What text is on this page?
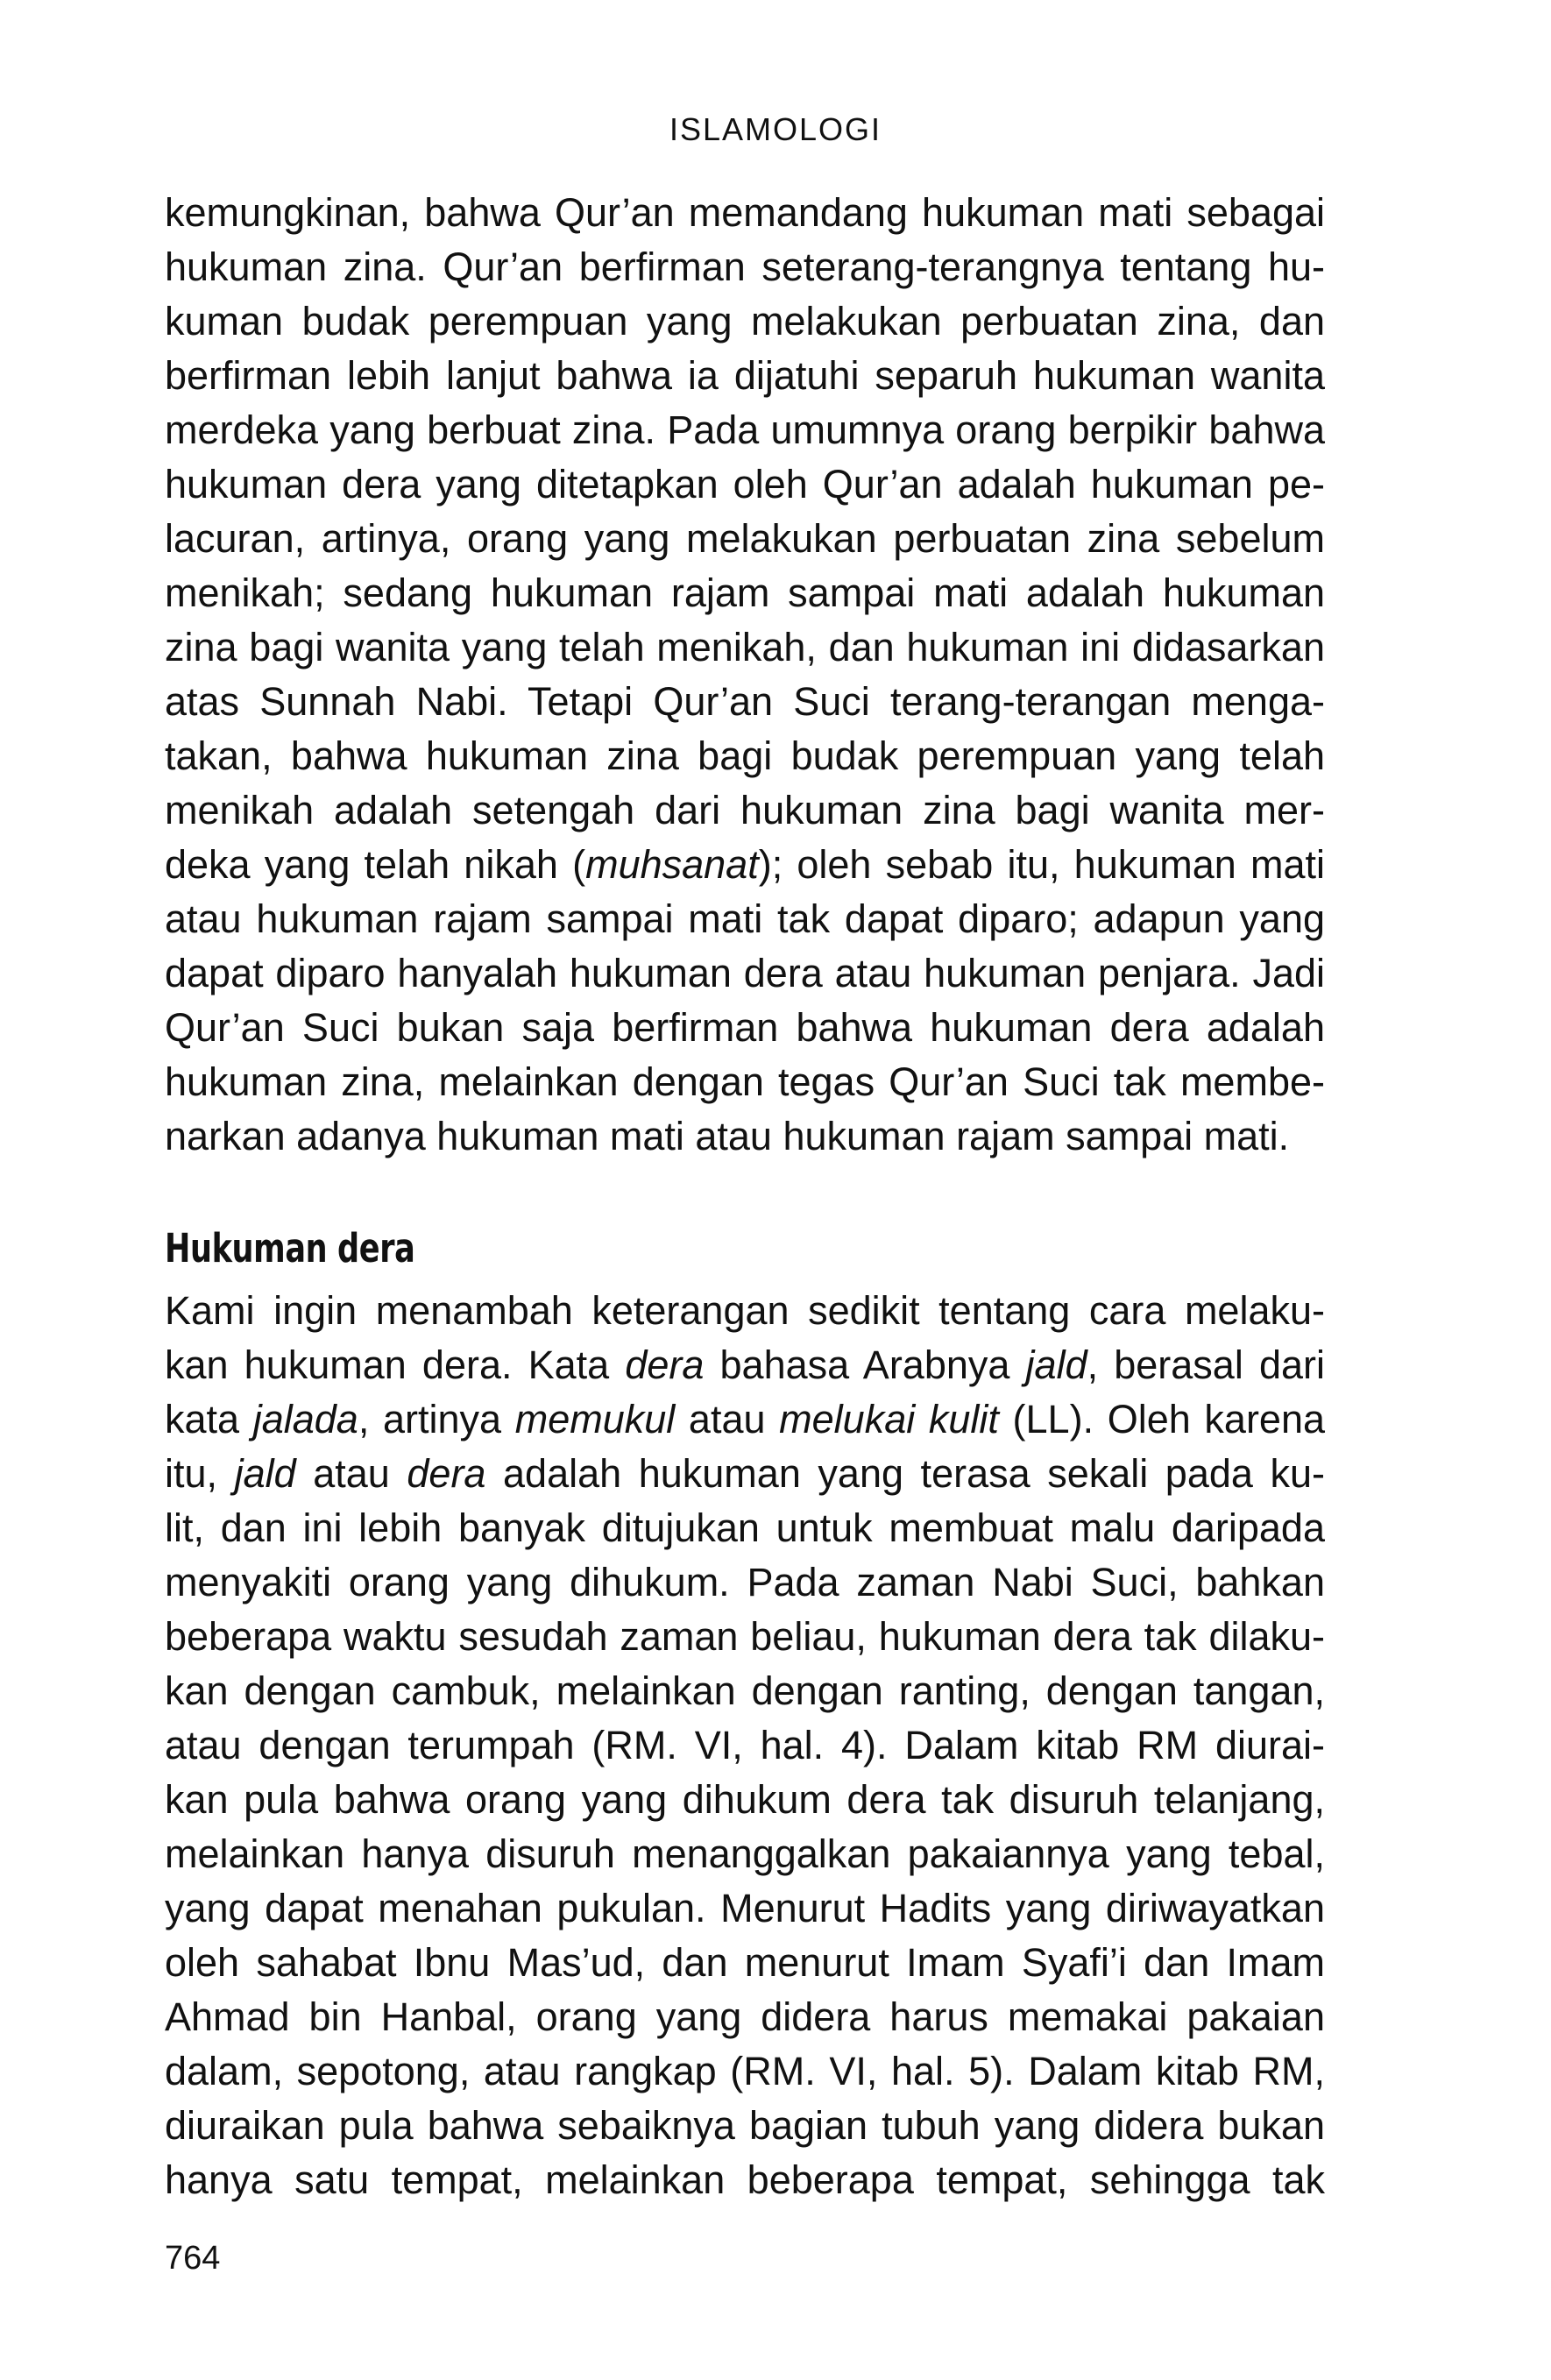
ISLAMOLOGI
kemungkinan, bahwa Qur’an memandang hukuman mati sebagai
hukuman zina. Qur’an berfirman seterang-terangnya tentang hu-
kuman budak perempuan yang melakukan perbuatan zina, dan
berfirman lebih lanjut bahwa ia dijatuhi separuh hukuman wanita
merdeka yang berbuat zina. Pada umumnya orang berpikir bahwa
hukuman dera yang ditetapkan oleh Qur’an adalah hukuman pe-
lacuran, artinya, orang yang melakukan perbuatan zina sebelum
menikah; sedang hukuman rajam sampai mati adalah hukuman
zina bagi wanita yang telah menikah, dan hukuman ini didasarkan
atas Sunnah Nabi. Tetapi Qur’an Suci terang-terangan menga-
takan, bahwa hukuman zina bagi budak perempuan yang telah
menikah adalah setengah dari hukuman zina bagi wanita mer-
deka yang telah nikah (muhsanat); oleh sebab itu, hukuman mati
atau hukuman rajam sampai mati tak dapat diparo; adapun yang
dapat diparo hanyalah hukuman dera atau hukuman penjara. Jadi
Qur’an Suci bukan saja berfirman bahwa hukuman dera adalah
hukuman zina, melainkan dengan tegas Qur’an Suci tak membe-
narkan adanya hukuman mati atau hukuman rajam sampai mati.
Hukuman dera
Kami ingin menambah keterangan sedikit tentang cara melaku-
kan hukuman dera. Kata dera bahasa Arabnya jald, berasal dari
kata jalada, artinya memukul atau melukai kulit (LL). Oleh karena
itu, jald atau dera adalah hukuman yang terasa sekali pada ku-
lit, dan ini lebih banyak ditujukan untuk membuat malu daripada
menyakiti orang yang dihukum. Pada zaman Nabi Suci, bahkan
beberapa waktu sesudah zaman beliau, hukuman dera tak dilaku-
kan dengan cambuk, melainkan dengan ranting, dengan tangan,
atau dengan terumpah (RM. VI, hal. 4). Dalam kitab RM diurai-
kan pula bahwa orang yang dihukum dera tak disuruh telanjang,
melainkan hanya disuruh menanggalkan pakaiannya yang tebal,
yang dapat menahan pukulan. Menurut Hadits yang diriwayatkan
oleh sahabat Ibnu Mas’ud, dan menurut Imam Syafi’i dan Imam
Ahmad bin Hanbal, orang yang didera harus memakai pakaian
dalam, sepotong, atau rangkap (RM. VI, hal. 5). Dalam kitab RM,
diuraikan pula bahwa sebaiknya bagian tubuh yang didera bukan
hanya satu tempat, melainkan beberapa tempat, sehingga tak
764
